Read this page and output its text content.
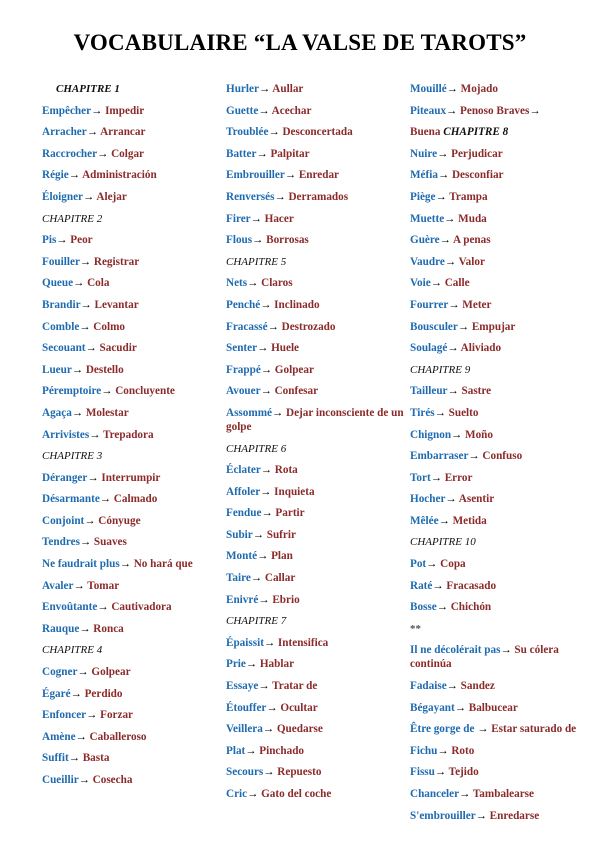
VOCABULAIRE “LA VALSE DE TAROTS”
CHAPITRE 1
Empêcher→ Impedir
Arracher→ Arrancar
Raccrocher→ Colgar
Régie→ Administración
Éloigner→ Alejar
CHAPITRE 2
Pis→ Peor
Fouiller→ Registrar
Queue→ Cola
Brandir→ Levantar
Comble→ Colmo
Secouant→ Sacudir
Lueur→ Destello
Péremptoire→ Concluyente
Agaça→ Molestar
Arrivistes→ Trepadora
CHAPITRE 3
Déranger→ Interrumpir
Désarmante→ Calmado
Conjoint→ Cónyuge
Tendres→ Suaves
Ne faudrait plus→ No hará que
Avaler→ Tomar
Envoûtante→ Cautivadora
Rauque→ Ronca
CHAPITRE 4
Cogner→ Golpear
Égaré→ Perdido
Enfoncer→ Forzar
Amène→ Caballeroso
Suffit→ Basta
Cueillir→ Cosecha
Hurler→ Aullar
Guette→ Acechar
Troublée→ Desconcertada
Batter→ Palpitar
Embrouiller→ Enredar
Renversés→ Derramados
Firer→ Hacer
Flous→ Borrosas
CHAPITRE 5
Nets→ Claros
Penché→ Inclinado
Fracassé→ Destrozado
Senter→ Huele
Frappé→ Golpear
Avouer→ Confesar
Assommé→ Dejar inconsciente de un golpe
CHAPITRE 6
Éclater→ Rota
Affoler→ Inquieta
Fendue→ Partir
Subir→ Sufrir
Monté→ Plan
Taire→ Callar
Enivré→ Ebrio
CHAPITRE 7
Épaissit→ Intensifica
Prie→ Hablar
Essaye→ Tratar de
Étouffer→ Ocultar
Veillera→ Quedarse
Plat→ Pinchado
Secours→ Repuesto
Cric→ Gato del coche
Mouillé→ Mojado
Piteaux→ Penoso Braves→
Buena CHAPITRE 8
Nuire→ Perjudicar
Méfia→ Desconfiar
Piège→ Trampa
Muette→ Muda
Guère→ A penas
Vaudre→ Valor
Voie→ Calle
Fourrer→ Meter
Bousculer→ Empujar
Soulagé→ Aliviado
CHAPITRE 9
Tailleur→ Sastre
Tirés→ Suelto
Chignon→ Moño
Embarraser→ Confuso
Tort→ Error
Hocher→ Asentir
Mêlée→ Metida
CHAPITRE 10
Pot→ Copa
Raté→ Fracasado
Bosse→ Chichón
**
Il ne décolérait pas→ Su cólera continúa
Fadaise→ Sandez
Bégayant→ Balbucear
Être gorge de → Estar saturado de
Fichu→ Roto
Fissu→ Tejido
Chanceler→ Tambalearse
S'embrouiller→ Enredarse
